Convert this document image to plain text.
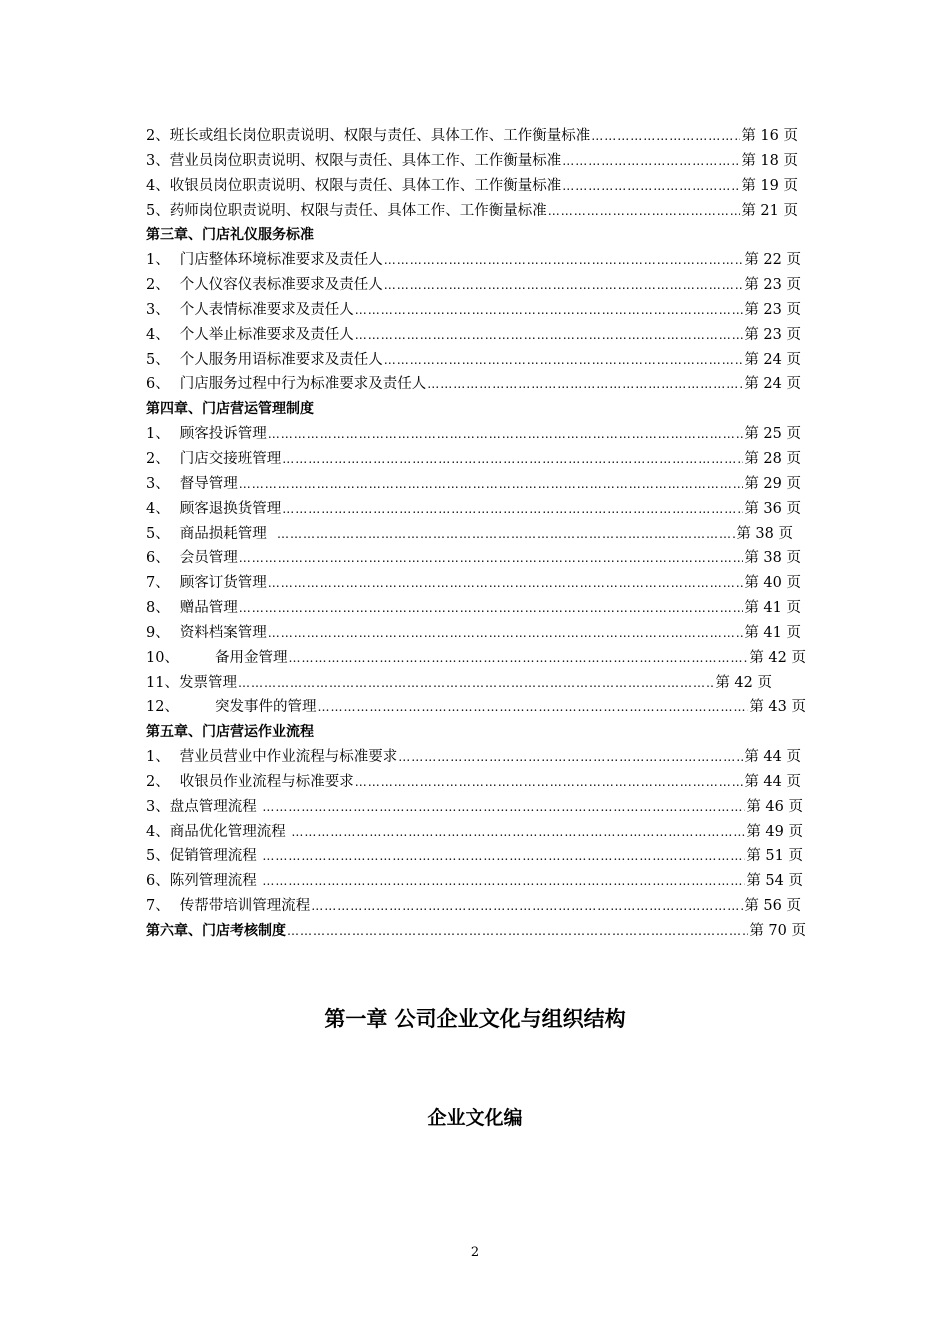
2、班长或组长岗位职责说明、权限与责任、具体工作、工作衡量标准 ………………………………………………………………………………………………………………………………………………………………	第 16 页
3、营业员岗位职责说明、权限与责任、具体工作、工作衡量标准 ………………………………………………………………………………………………………………………………………………………………	第 18 页
4、收银员岗位职责说明、权限与责任、具体工作、工作衡量标准 ………………………………………………………………………………………………………………………………………………………………	第 19 页
5、药师岗位职责说明、权限与责任、具体工作、工作衡量标准 ………………………………………………………………………………………………………………………………………………………………	第 21 页
第三章、门店礼仪服务标准
1、 门店整体环境标准要求及责任人 ………………………………………………………………………………………………………………………………………………………………	第 22 页
2、 个人仪容仪表标准要求及责任人 ………………………………………………………………………………………………………………………………………………………………	第 23 页
3、 个人表情标准要求及责任人 ………………………………………………………………………………………………………………………………………………………………	第 23 页
4、 个人举止标准要求及责任人 ………………………………………………………………………………………………………………………………………………………………	第 23 页
5、 个人服务用语标准要求及责任人 ………………………………………………………………………………………………………………………………………………………………	第 24 页
6、 门店服务过程中行为标准要求及责任人 ………………………………………………………………………………………………………………………………………………………………	第 24 页
第四章、门店营运管理制度
1、 顾客投诉管理 ………………………………………………………………………………………………………………………………………………………………	第 25 页
2、 门店交接班管理 ………………………………………………………………………………………………………………………………………………………………	第 28 页
3、 督导管理 ………………………………………………………………………………………………………………………………………………………………	第 29 页
4、 顾客退换货管理 ………………………………………………………………………………………………………………………………………………………………	第 36 页
5、 商品损耗管理 ………………………………………………………………………………………………………………………………………………………………	第 38 页
6、 会员管理 ………………………………………………………………………………………………………………………………………………………………	第 38 页
7、 顾客订货管理 ………………………………………………………………………………………………………………………………………………………………	第 40 页
8、 赠品管理 ………………………………………………………………………………………………………………………………………………………………	第 41 页
9、 资料档案管理 ………………………………………………………………………………………………………………………………………………………………	第 41 页
10、 备用金管理 ………………………………………………………………………………………………………………………………………………………………	第 42 页
11、发票管理 ………………………………………………………………………………………………………………………………………………………………	第 42 页
12、 突发事件的管理 ………………………………………………………………………………………………………………………………………………………………	第 43 页
第五章、门店营运作业流程
1、 营业员营业中作业流程与标准要求 ………………………………………………………………………………………………………………………………………………………………	第 44 页
2、 收银员作业流程与标准要求 ………………………………………………………………………………………………………………………………………………………………	第 44 页
3、盘点管理流程 ………………………………………………………………………………………………………………………………………………………………	第 46 页
4、商品优化管理流程 ………………………………………………………………………………………………………………………………………………………………	第 49 页
5、促销管理流程 ………………………………………………………………………………………………………………………………………………………………	第 51 页
6、陈列管理流程 ………………………………………………………………………………………………………………………………………………………………	第 54 页
7、 传帮带培训管理流程 ………………………………………………………………………………………………………………………………………………………………	第 56 页
第六章、门店考核制度 ………………………………………………………………………………………………………………………………………………………………	第 70 页
第一章 公司企业文化与组织结构
企业文化编
2
